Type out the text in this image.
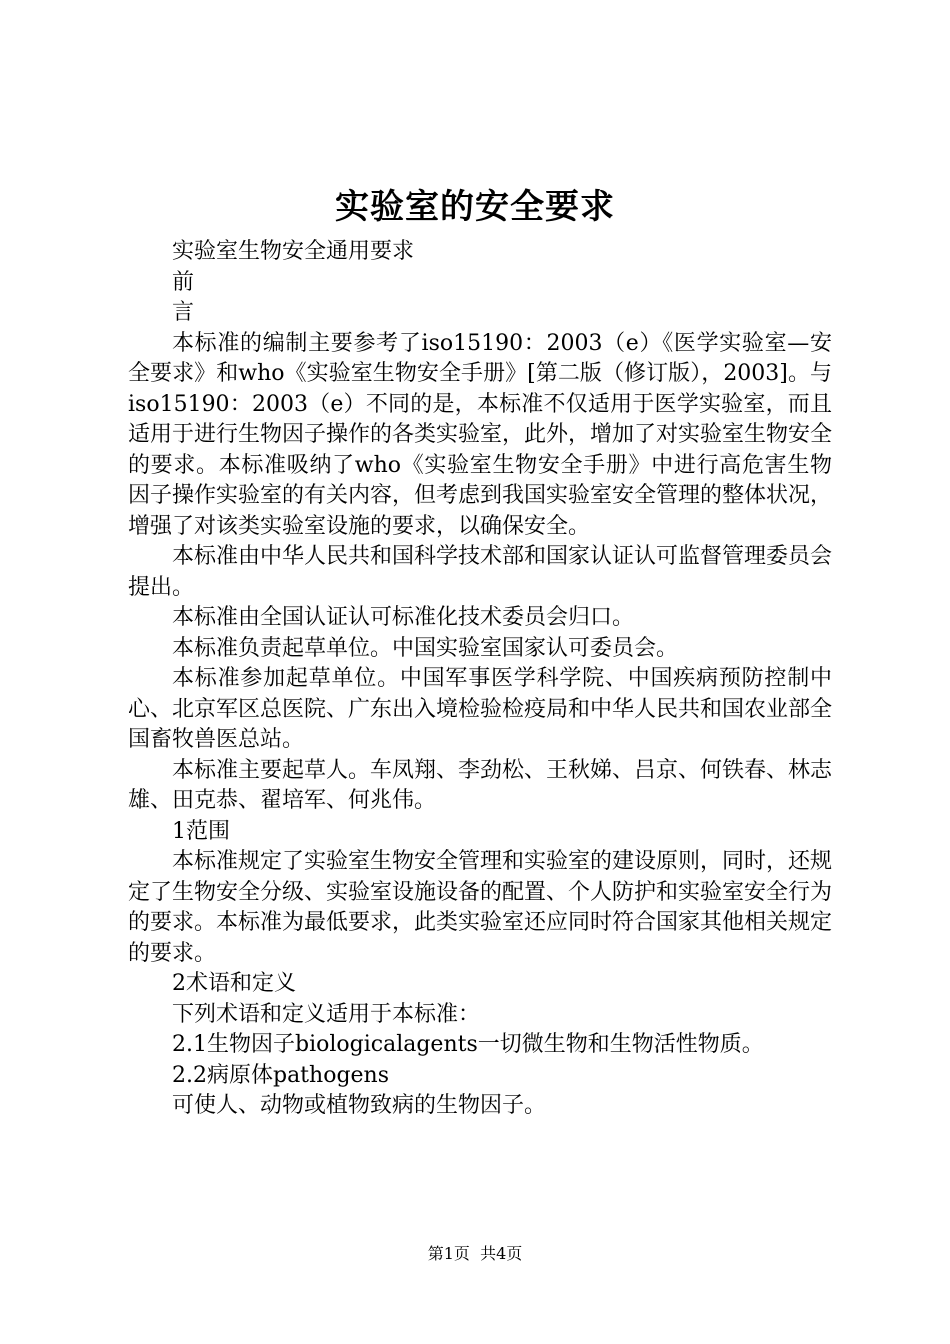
实验室的安全要求

实验室生物安全通用要求

前

言

本标准的编制主要参考了iso15190：2003（e）《医学实验室—安全要求》和who《实验室生物安全手册》[第二版（修订版），2003]。与iso15190：2003（e）不同的是，本标准不仅适用于医学实验室，而且适用于进行生物因子操作的各类实验室，此外，增加了对实验室生物安全的要求。本标准吸纳了who《实验室生物安全手册》中进行高危害生物因子操作实验室的有关内容，但考虑到我国实验室安全管理的整体状况，增强了对该类实验室设施的要求，以确保安全。

本标准由中华人民共和国科学技术部和国家认证认可监督管理委员会提出。

本标准由全国认证认可标准化技术委员会归口。

本标准负责起草单位。中国实验室国家认可委员会。

本标准参加起草单位。中国军事医学科学院、中国疾病预防控制中心、北京军区总医院、广东出入境检验检疫局和中华人民共和国农业部全国畜牧兽医总站。

本标准主要起草人。车凤翔、李劲松、王秋娣、吕京、何铁春、林志雄、田克恭、翟培军、何兆伟。

1范围

本标准规定了实验室生物安全管理和实验室的建设原则，同时，还规定了生物安全分级、实验室设施设备的配置、个人防护和实验室安全行为的要求。本标准为最低要求，此类实验室还应同时符合国家其他相关规定的要求。

2术语和定义

下列术语和定义适用于本标准：

2.1生物因子biologicalagents一切微生物和生物活性物质。

2.2病原体pathogens

可使人、动物或植物致病的生物因子。

第1页 共4页
